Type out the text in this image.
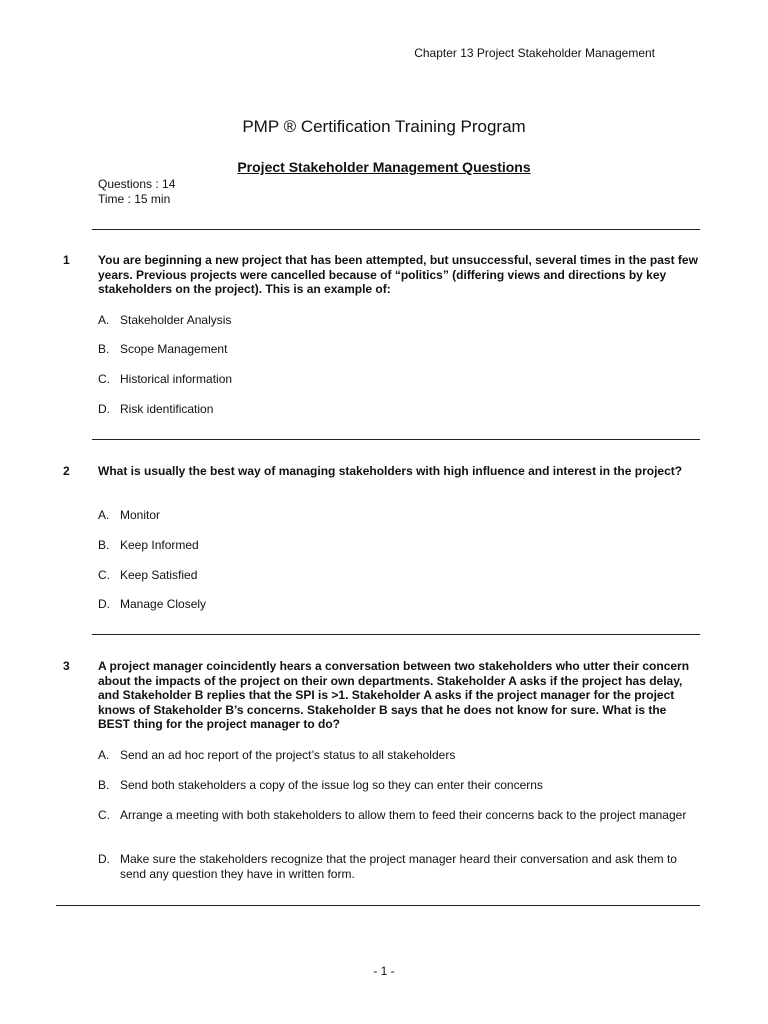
Chapter 13 Project Stakeholder Management
PMP ® Certification Training Program
Project Stakeholder Management Questions
Questions : 14
Time : 15 min
1 You are beginning a new project that has been attempted, but unsuccessful, several times in the past few years. Previous projects were cancelled because of “politics” (differing views and directions by key stakeholders on the project). This is an example of:
A. Stakeholder Analysis
B. Scope Management
C. Historical information
D. Risk identification
2 What is usually the best way of managing stakeholders with high influence and interest in the project?
A. Monitor
B. Keep Informed
C. Keep Satisfied
D. Manage Closely
3 A project manager coincidently hears a conversation between two stakeholders who utter their concern about the impacts of the project on their own departments. Stakeholder A asks if the project has delay, and Stakeholder B replies that the SPI is >1. Stakeholder A asks if the project manager for the project knows of Stakeholder B’s concerns. Stakeholder B says that he does not know for sure. What is the BEST thing for the project manager to do?
A. Send an ad hoc report of the project’s status to all stakeholders
B. Send both stakeholders a copy of the issue log so they can enter their concerns
C. Arrange a meeting with both stakeholders to allow them to feed their concerns back to the project manager
D. Make sure the stakeholders recognize that the project manager heard their conversation and ask them to send any question they have in written form.
- 1 -
